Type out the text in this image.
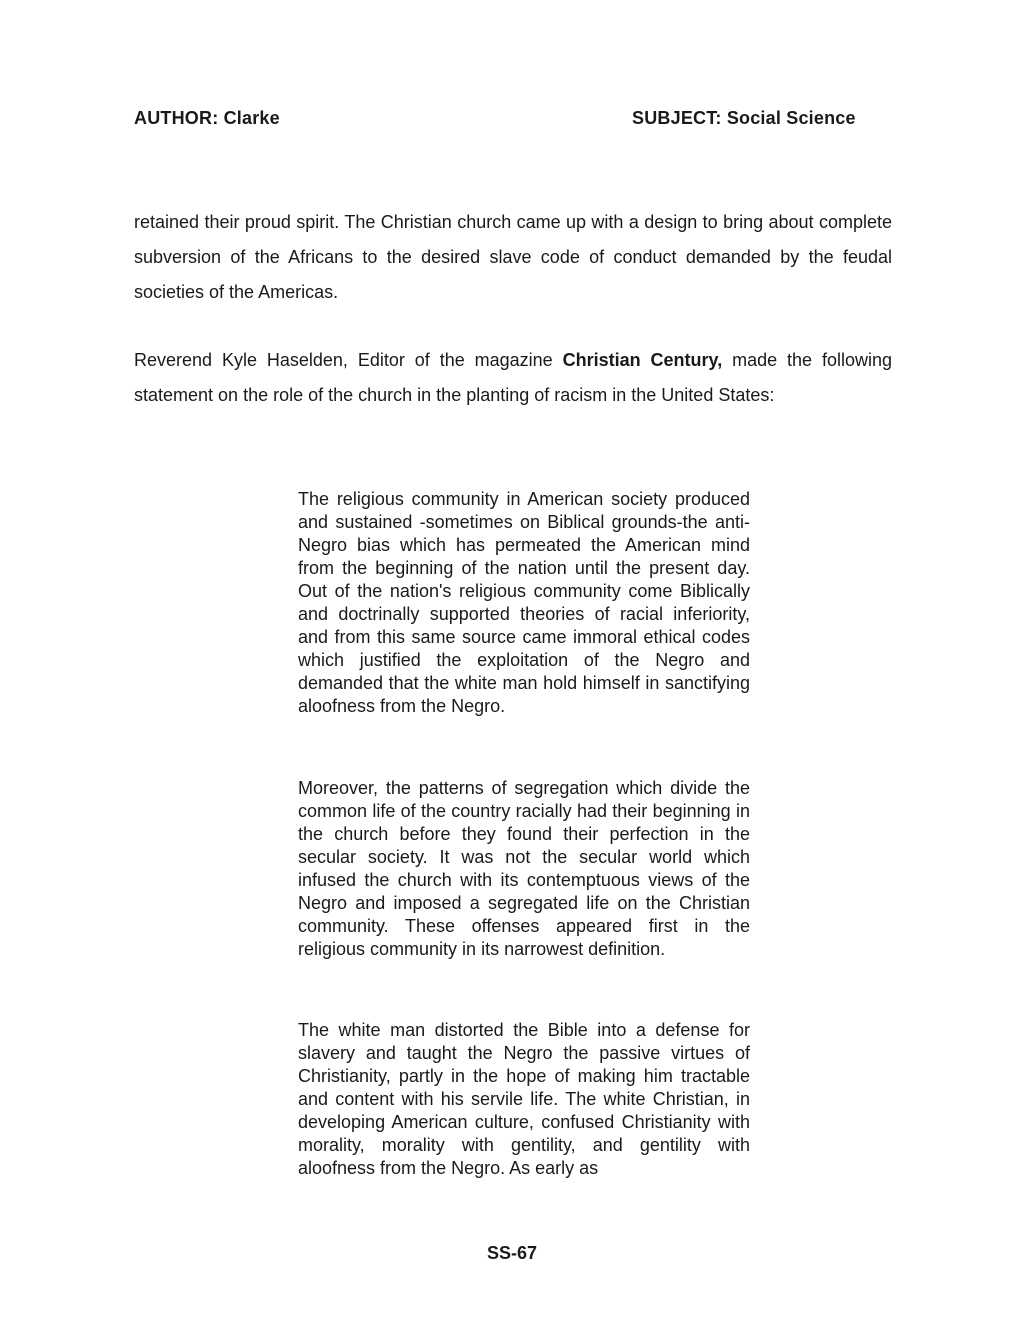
AUTHOR: Clarke	SUBJECT: Social Science

retained their proud spirit. The Christian church came up with a design to bring about complete subversion of the Africans to the desired slave code of conduct demanded by the feudal societies of the Americas.

Reverend Kyle Haselden, Editor of the magazine Christian Century, made the following statement on the role of the church in the planting of racism in the United States:

The religious community in American society produced and sustained -sometimes on Biblical grounds-the anti-Negro bias which has permeated the American mind from the beginning of the nation until the present day. Out of the nation's religious community come Biblically and doctrinally supported theories of racial inferiority, and from this same source came immoral ethical codes which justified the exploitation of the Negro and demanded that the white man hold himself in sanctifying aloofness from the Negro.

Moreover, the patterns of segregation which divide the common life of the country racially had their beginning in the church before they found their perfection in the secular society. It was not the secular world which infused the church with its contemptuous views of the Negro and imposed a segregated life on the Christian community. These offenses appeared first in the religious community in its narrowest definition.

The white man distorted the Bible into a defense for slavery and taught the Negro the passive virtues of Christianity, partly in the hope of making him tractable and content with his servile life. The white Christian, in developing American culture, confused Christianity with morality, morality with gentility, and gentility with aloofness from the Negro. As early as

SS-67
